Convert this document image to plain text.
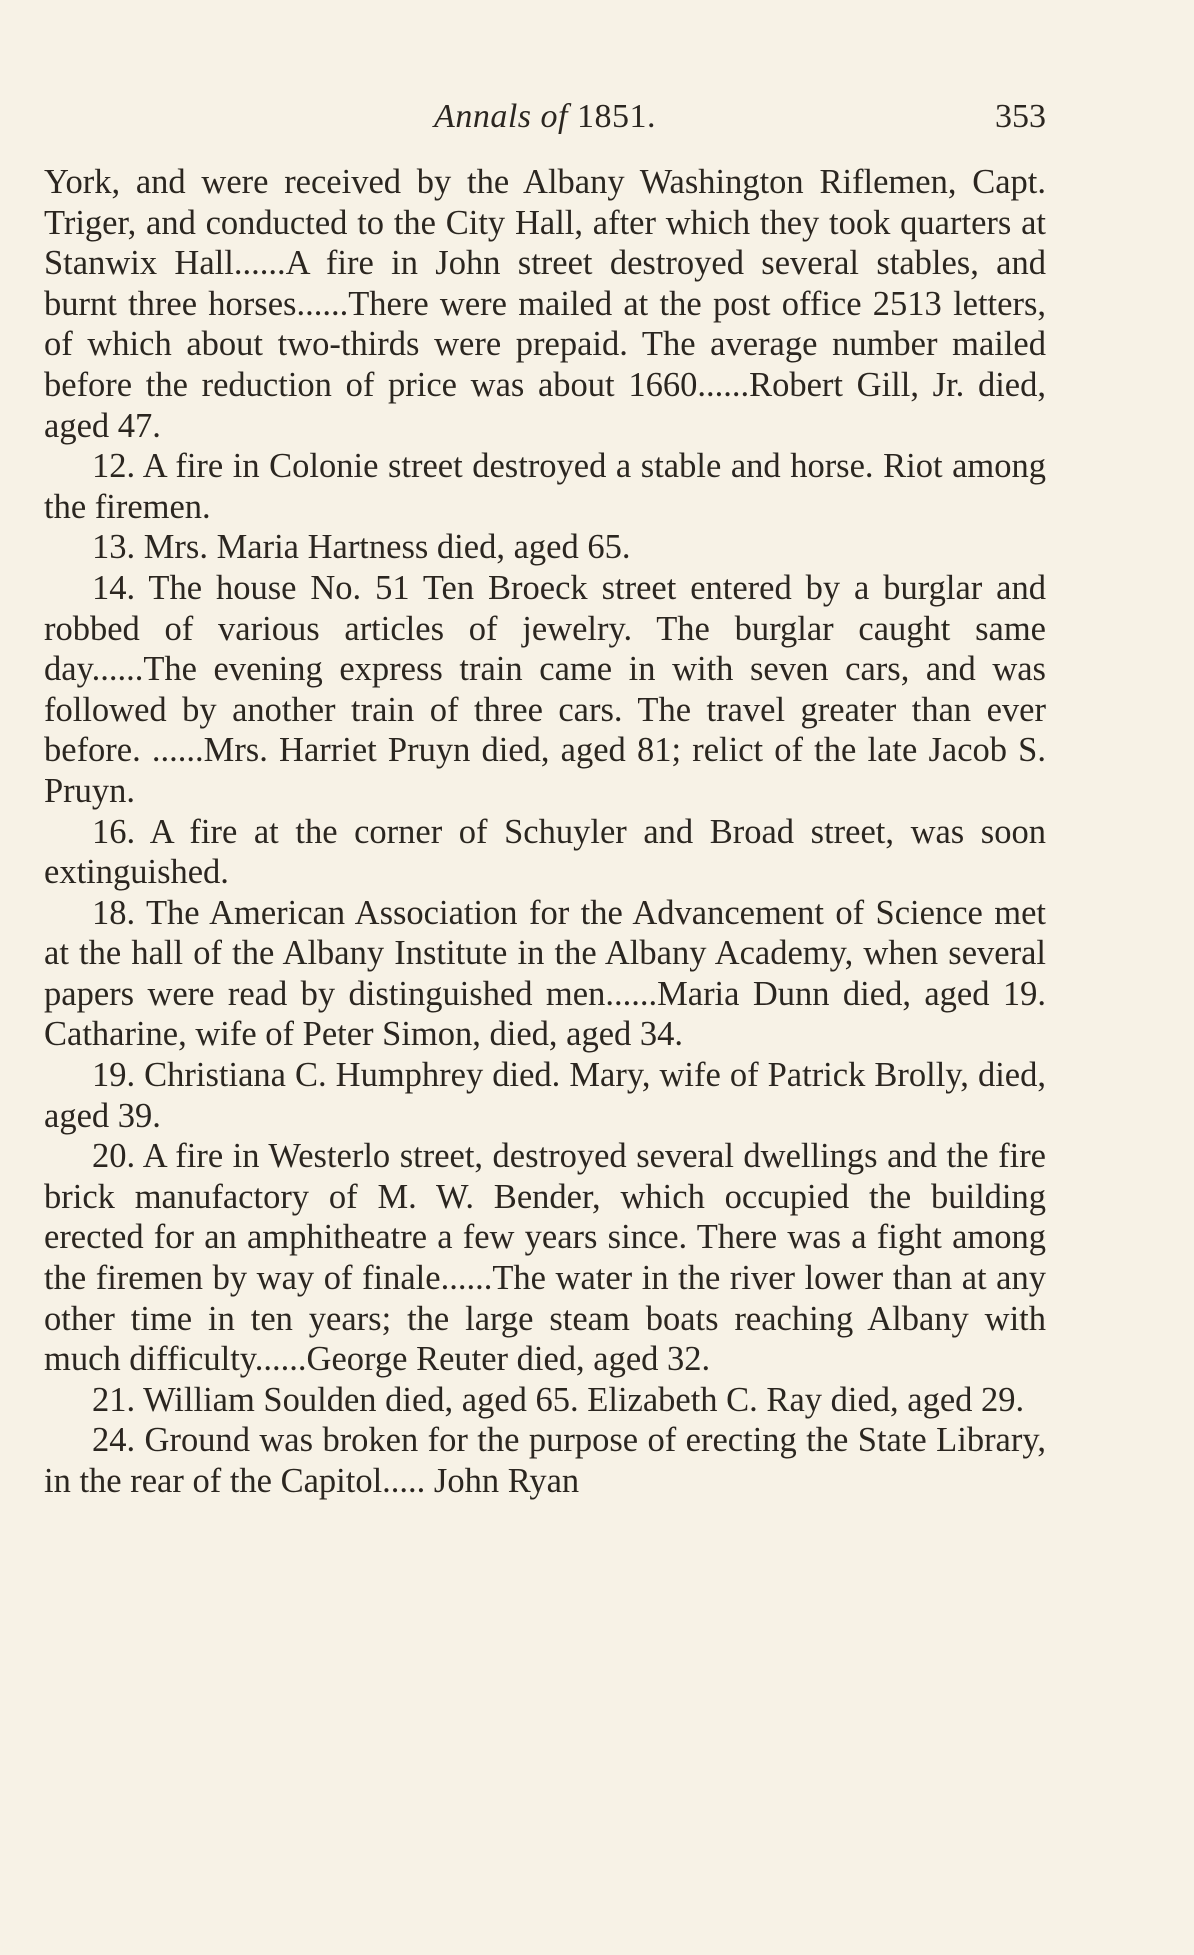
Annals of 1851.	353

York, and were received by the Albany Washington Riflemen, Capt. Triger, and conducted to the City Hall, after which they took quarters at Stanwix Hall......A fire in John street destroyed several stables, and burnt three horses......There were mailed at the post office 2513 letters, of which about two-thirds were prepaid. The average number mailed before the reduction of price was about 1660......Robert Gill, Jr. died, aged 47.

12. A fire in Colonie street destroyed a stable and horse. Riot among the firemen.

13. Mrs. Maria Hartness died, aged 65.

14. The house No. 51 Ten Broeck street entered by a burglar and robbed of various articles of jewelry. The burglar caught same day......The evening express train came in with seven cars, and was followed by another train of three cars. The travel greater than ever before. ......Mrs. Harriet Pruyn died, aged 81; relict of the late Jacob S. Pruyn.

16. A fire at the corner of Schuyler and Broad street, was soon extinguished.

18. The American Association for the Advancement of Science met at the hall of the Albany Institute in the Albany Academy, when several papers were read by distinguished men......Maria Dunn died, aged 19. Catharine, wife of Peter Simon, died, aged 34.

19. Christiana C. Humphrey died. Mary, wife of Patrick Brolly, died, aged 39.

20. A fire in Westerlo street, destroyed several dwellings and the fire brick manufactory of M. W. Bender, which occupied the building erected for an amphitheatre a few years since. There was a fight among the firemen by way of finale......The water in the river lower than at any other time in ten years; the large steam boats reaching Albany with much difficulty......George Reuter died, aged 32.

21. William Soulden died, aged 65. Elizabeth C. Ray died, aged 29.

24. Ground was broken for the purpose of erecting the State Library, in the rear of the Capitol..... John Ryan
